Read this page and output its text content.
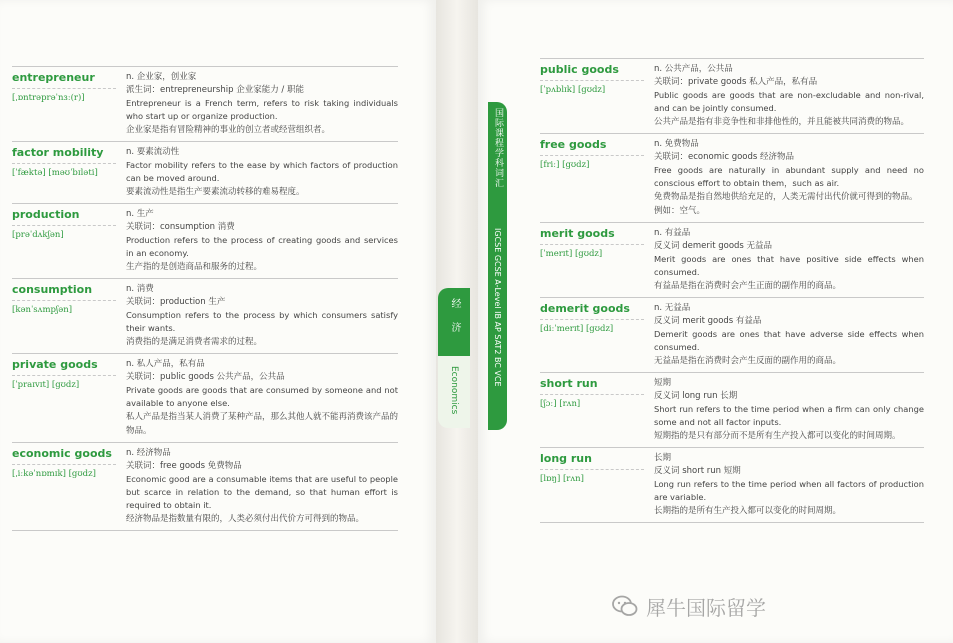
entrepreneur
[ˌɒntrəprəˈnɜː(r)]
n. 企业家，创业家
派生词：entrepreneurship 企业家能力 / 职能
Entrepreneur is a French term, refers to risk taking individuals who start up or organize production.
企业家是指有冒险精神的事业的创立者或经营组织者。
factor mobility
[ˈfæktə] [məʊˈbɪləti]
n. 要素流动性
Factor mobility refers to the ease by which factors of production can be moved around.
要素流动性是指生产要素流动转移的难易程度。
production
[prəˈdʌkʃən]
n. 生产
关联词：consumption 消费
Production refers to the process of creating goods and services in an economy.
生产指的是创造商品和服务的过程。
consumption
[kənˈsʌmpʃən]
n. 消费
关联词：production 生产
Consumption refers to the process by which consumers satisfy their wants.
消费指的是满足消费者需求的过程。
private goods
[ˈpraɪvɪt] [gʊdz]
n. 私人产品，私有品
关联词：public goods 公共产品，公共品
Private goods are goods that are consumed by someone and not available to anyone else.
私人产品是指当某人消费了某种产品，那么其他人就不能再消费该产品的物品。
economic goods
[ˌiːkəˈnɒmɪk] [gʊdz]
n. 经济物品
关联词：free goods 免费物品
Economic good are a consumable items that are useful to people but scarce in relation to the demand, so that human effort is required to obtain it.
经济物品是指数量有限的，人类必须付出代价方可得到的物品。
public goods
[ˈpʌblɪk] [gʊdz]
n. 公共产品，公共品
关联词：private goods 私人产品，私有品
Public goods are goods that are non-excludable and non-rival, and can be jointly consumed.
公共产品是指有非竞争性和非排他性的，并且能被共同消费的物品。
free goods
[friː] [gʊdz]
n. 免费物品
关联词：economic goods 经济物品
Free goods are naturally in abundant supply and need no conscious effort to obtain them，such as air.
免费物品是指自然地供给充足的，人类无需付出代价就可得到的物品。例如：空气。
merit goods
[ˈmerɪt] [gʊdz]
n. 有益品
反义词 demerit goods 无益品
Merit goods are ones that have positive side effects when consumed.
有益品是指在消费时会产生正面的副作用的商品。
demerit goods
[diːˈmerɪt] [gʊdz]
n. 无益品
反义词 merit goods 有益品
Demerit goods are ones that have adverse side effects when consumed.
无益品是指在消费时会产生反面的副作用的商品。
short run
[ʃɔː] [rʌn]
短期
反义词 long run 长期
Short run refers to the time period when a firm can only change some and not all factor inputs.
短期指的是只有部分而不是所有生产投入都可以变化的时间周期。
long run
[lɒŋ] [rʌn]
长期
反义词 short run 短期
Long run refers to the time period when all factors of production are variable.
长期指的是所有生产投入都可以变化的时间周期。
经济
Economics
国际课程学科词汇
IGCSE GCSE A-Level IB AP SAT2 BC VCE
犀牛国际留学
